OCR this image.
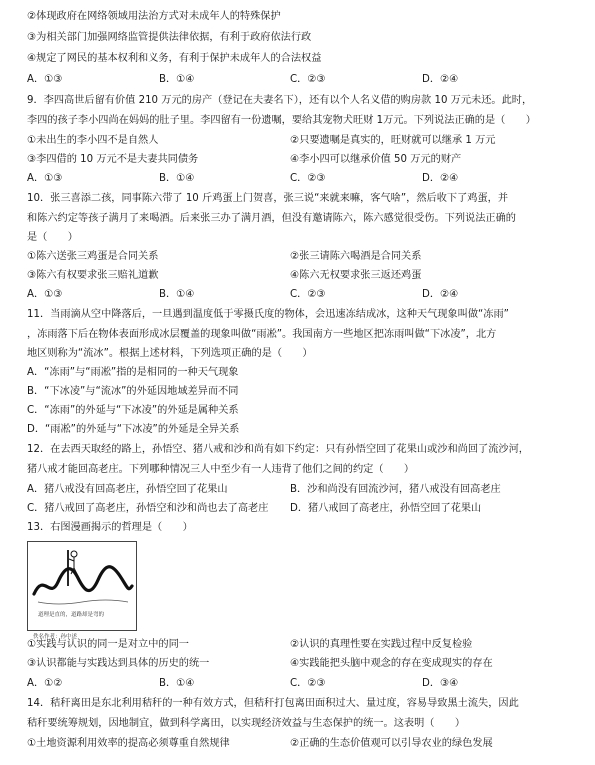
②体现政府在网络领域用法治方式对未成年人的特殊保护
③为相关部门加强网络监管提供法律依据，有利于政府依法行政
④规定了网民的基本权利和义务，有利于保护未成年人的合法权益
A．①③	B．①④	C．②③	D．②④
9．李四高世后留有价值 210 万元的房产（登记在夫妻名下），还有以个人名义借的购房款 10 万元未还。此时，
李四的孩子李小四尚在妈妈的肚子里。李四留有一份遗嘱，要给其宠物犬旺财 1万元。下列说法正确的是（　　）
①未出生的李小四不是自然人	②只要遗嘱是真实的，旺财就可以继承 1 万元
③李四借的 10 万元不是夫妻共同债务	④李小四可以继承价值 50 万元的财产
A．①③	B．①④	C．②③	D．②④
10．张三喜添二孩，同事陈六带了 10 斤鸡蛋上门贺喜，张三说“来就来嘛，客气啥”，然后收下了鸡蛋，并
和陈六约定等孩子满月了来喝酒。后来张三办了满月酒，但没有邀请陈六，陈六感觉很受伤。下列说法正确的
是（　　）
①陈六送张三鸡蛋是合同关系	②张三请陈六喝酒是合同关系
③陈六有权要求张三赔礼道歉	④陈六无权要求张三返还鸡蛋
A．①③	B．①④	C．②③	D．②④
11．当雨滴从空中降落后，一旦遇到温度低于零摄氏度的物体，会迅速冻结成冰，这种天气现象叫做“冻雨”
，冻雨落下后在物体表面形成冰层覆盖的现象叫做“雨凇”。我国南方一些地区把冻雨叫做“下冰凌”，北方
地区则称为“流冰”。根据上述材料，下列选项正确的是（　　）
A．“冻雨”与“雨凇”指的是相同的一种天气现象
B．“下冰凌”与“流冰”的外延因地域差异而不同
C．“冻雨”的外延与“下冰凌”的外延是属种关系
D．“雨凇”的外延与“下冰凌”的外延是全异关系
12．在去西天取经的路上，孙悟空、猪八戒和沙和尚有如下约定：只有孙悟空回了花果山或沙和尚回了流沙河，
猪八戒才能回高老庄。下列哪种情况三人中至少有一人违背了他们之间的约定（　　）
A．猪八戒没有回高老庄，孙悟空回了花果山	B．沙和尚没有回流沙河，猪八戒没有回高老庄
C．猪八戒回了高老庄，孙悟空和沙和尚也去了高老庄 D．猪八戒回了高老庄，孙悟空回了花果山
13．右图漫画揭示的哲理是（　　）
道理是直的，道路却是弯的
佚名作者：孙中述
①实践与认识的同一是对立中的同一	②认识的真理性要在实践过程中反复检验
③认识都能与实践达到具体的历史的统一	④实践能把头脑中观念的存在变成现实的存在
A．①②	B．①④	C．②③	D．③④
14．秸秆离田是东北利用秸秆的一种有效方式，但秸秆打包离田面积过大、量过度，容易导致黑土流失，因此
秸秆要统筹规划，因地制宜，做到科学离田，以实现经济效益与生态保护的统一。这表明（　　）
①土地资源利用效率的提高必须尊重自然规律	②正确的生态价值观可以引导农业的绿色发展
